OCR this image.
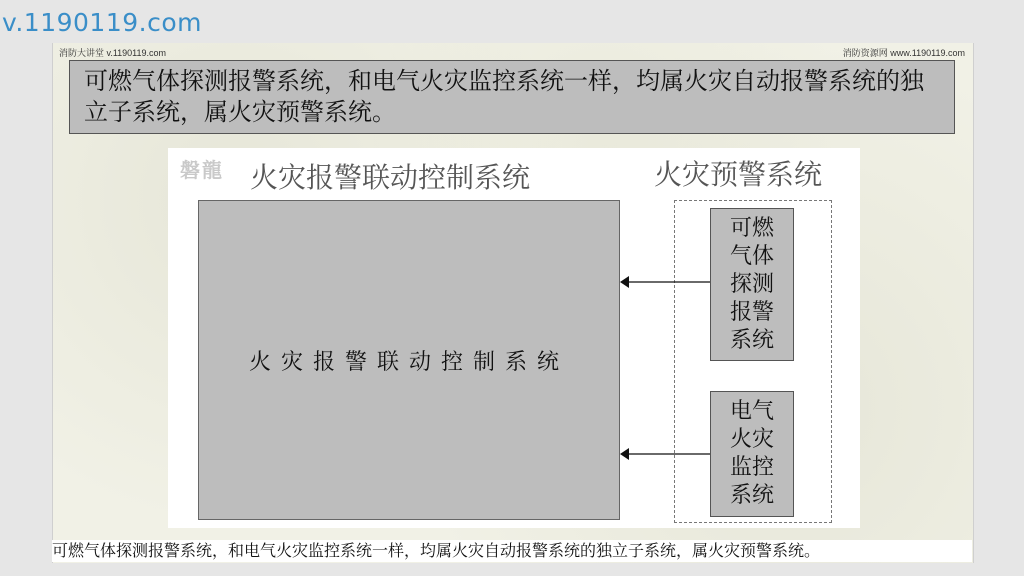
v.1190119.com
消防大讲堂 v.1190119.com	消防资源网 www.1190119.com
可燃气体探测报警系统，和电气火灾监控系统一样，均属火灾自动报警系统的独立子系统，属火灾预警系统。
磐龍 火灾报警联动控制系统	火灾预警系统
火灾报警联动控制系统
可燃气体探测报警系统
电气火灾监控系统
可燃气体探测报警系统，和电气火灾监控系统一样，均属火灾自动报警系统的独立子系统，属火灾预警系统。
